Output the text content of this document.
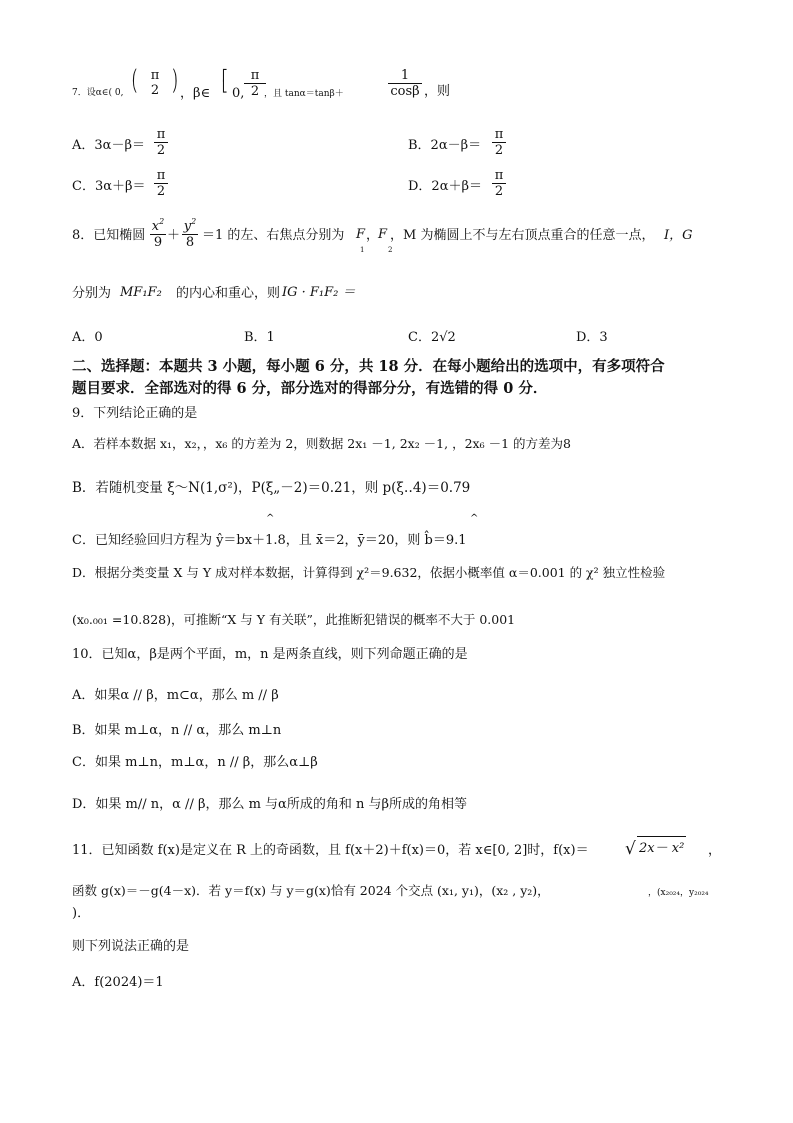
7．设α∈( 0,
⎛
⎝
π
2
⎞
⎠ ，β∈
⎡
⎣ 0,
π
2 ，且 tanα＝tanβ＋
1
cosβ ，则
A．3α－β＝
π
2	B．2α－β＝
π
2
C．3α＋β＝
π
2	D．2α＋β＝
π
2
8．已知椭圆
$x^2$
9 ＋
$y^2$
8 ＝1 的左、右焦点分别为 F ，
F
1	2
，M 为椭圆上不与左右顶点重合的任意一点， I，G
分别为 MF₁F₂ 的内心和重心，则 IG · F₁F₂ ＝
A．0	B．1	C．2√2	D．3
二、选择题：本题共 3 小题，每小题 6 分，共 18 分．在每小题给出的选项中，有多项符合
题目要求．全部选对的得 6 分，部分选对的得部分分，有选错的得 0 分．
9．下列结论正确的是
A．若样本数据 x₁，x₂，，x₆ 的方差为 2，则数据 2x₁ －1, 2x₂ －1, ，2x₆ －1 的方差为8
B．若随机变量 ξ～N(1,σ²)，P(ξ„－2)＝0.21，则 p(ξ‥4)＝0.79
^	^
C．已知经验回归方程为 ŷ＝bx＋1.8，且 x̄＝2，ȳ＝20，则 b̂＝9.1
D．根据分类变量 X 与 Y 成对样本数据，计算得到 χ²＝9.632，依据小概率值 α＝0.001 的 χ² 独立性检验
(x₀.₀₀₁ =10.828)，可推断“X 与 Y 有关联”，此推断犯错误的概率不大于 0.001
10．已知α，β是两个平面，m，n 是两条直线，则下列命题正确的是
A．如果α // β，m⊂α，那么 m // β
B．如果 m⊥α，n // α，那么 m⊥n
C．如果 m⊥n，m⊥α，n // β，那么α⊥β
D．如果 m// n，α // β，那么 m 与α所成的角和 n 与β所成的角相等
11．已知函数 f(x)是定义在 R 上的奇函数，且 f(x＋2)＋f(x)＝0，若 x∈[0, 2]时，f(x)＝ √ 2x－ x² ，
函数 g(x)＝－g(4－x)．若 y＝f(x) 与 y＝g(x)恰有 2024 个交点 (x₁, y₁)，(x₂ , y₂)，	，(x₂₀₂₄，y₂₀₂₄
)．
则下列说法正确的是
A．f(2024)＝1
